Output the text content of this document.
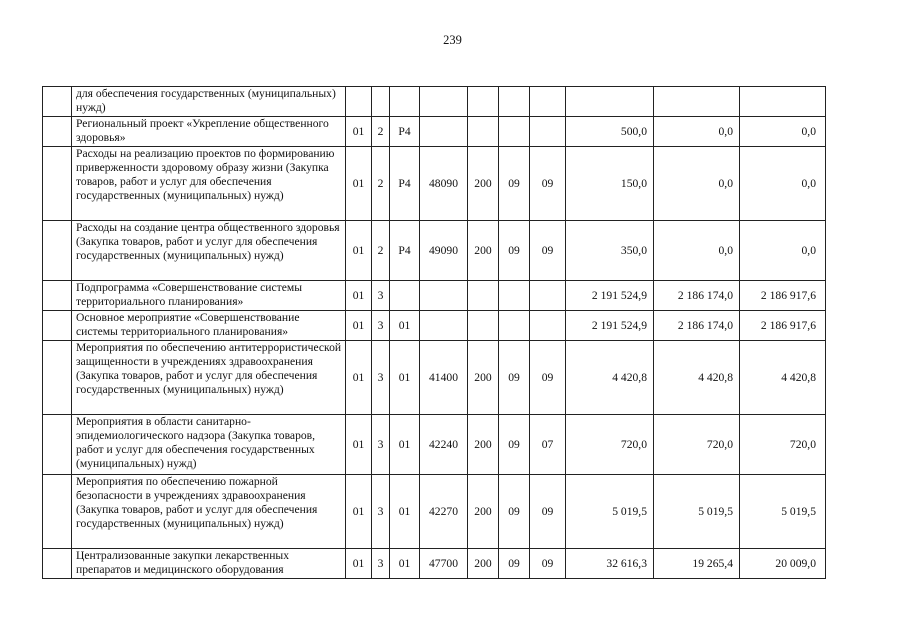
239
	для обеспечения государственных (муниципальных) нужд)										
	Региональный проект «Укрепление общественного здоровья»	01	2	Р4					500,0	0,0	0,0
	Расходы на реализацию проектов по формированию приверженности здоровому образу жизни (Закупка товаров, работ и услуг для обеспечения государственных (муниципальных) нужд)	01	2	Р4	48090	200	09	09	150,0	0,0	0,0
	Расходы на создание центра общественного здоровья (Закупка товаров, работ и услуг для обеспечения государственных (муниципальных) нужд)	01	2	Р4	49090	200	09	09	350,0	0,0	0,0
	Подпрограмма «Совершенствование системы территориального планирования»	01	3						2 191 524,9	2 186 174,0	2 186 917,6
	Основное мероприятие «Совершенствование системы территориального планирования»	01	3	01					2 191 524,9	2 186 174,0	2 186 917,6
	Мероприятия по обеспечению антитеррористической защищенности в учреждениях здравоохранения (Закупка товаров, работ и услуг для обеспечения государственных (муниципальных) нужд)	01	3	01	41400	200	09	09	4 420,8	4 420,8	4 420,8
	Мероприятия в области санитарно-эпидемиологического надзора (Закупка товаров, работ и услуг для обеспечения государственных (муниципальных) нужд)	01	3	01	42240	200	09	07	720,0	720,0	720,0
	Мероприятия по обеспечению пожарной безопасности в учреждениях здравоохранения (Закупка товаров, работ и услуг для обеспечения государственных (муниципальных) нужд)	01	3	01	42270	200	09	09	5 019,5	5 019,5	5 019,5
	Централизованные закупки лекарственных препаратов и медицинского оборудования	01	3	01	47700	200	09	09	32 616,3	19 265,4	20 009,0
